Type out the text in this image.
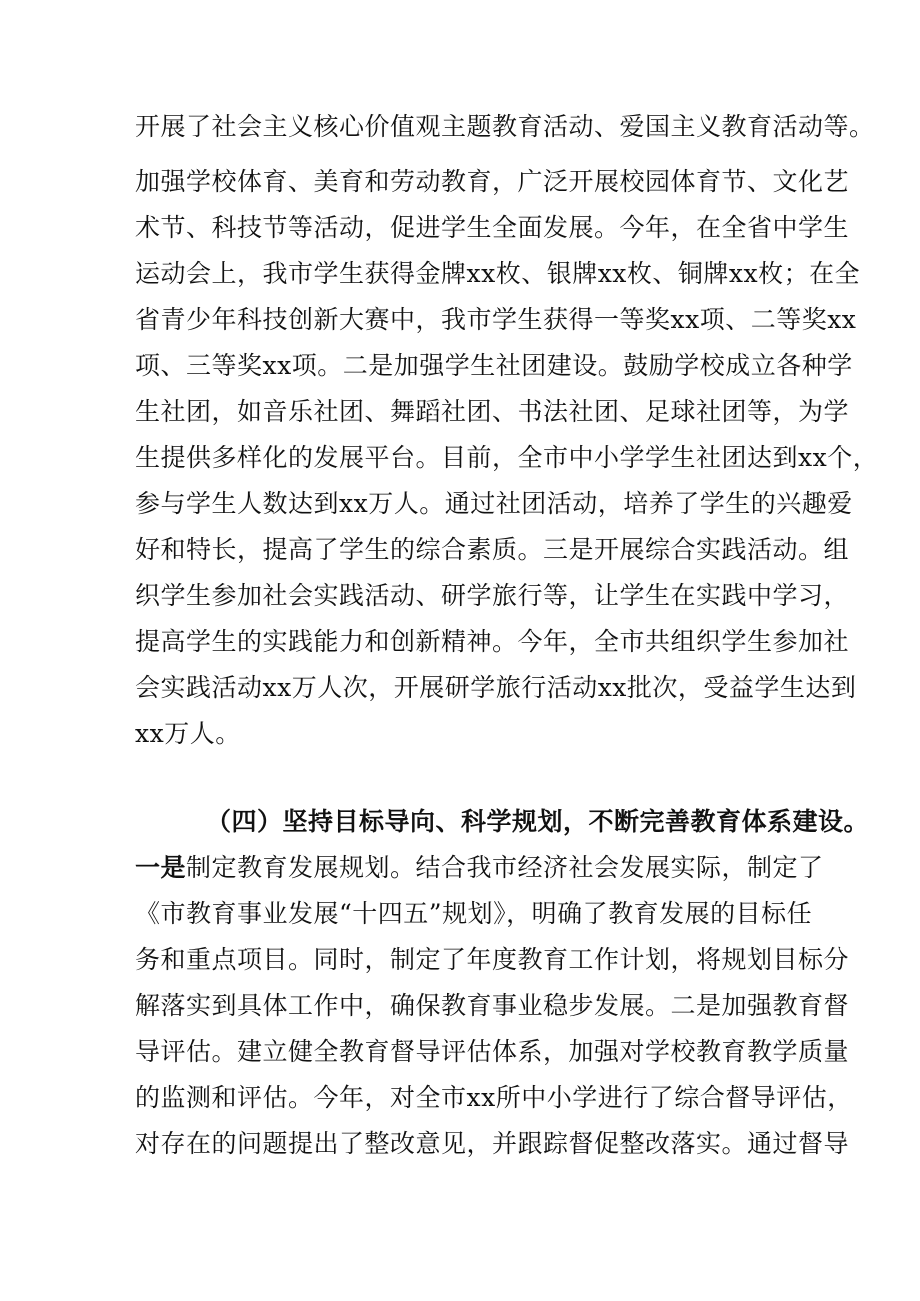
开展了社会主义核心价值观主题教育活动、爱国主义教育活动等。
加强学校体育、美育和劳动教育，广泛开展校园体育节、文化艺
术节、科技节等活动，促进学生全面发展。今年，在全省中学生
运动会上，我市学生获得金牌xx枚、银牌xx枚、铜牌xx枚；在全
省青少年科技创新大赛中，我市学生获得一等奖xx项、二等奖xx
项、三等奖xx项。二是加强学生社团建设。鼓励学校成立各种学
生社团，如音乐社团、舞蹈社团、书法社团、足球社团等，为学
生提供多样化的发展平台。目前，全市中小学学生社团达到xx个，
参与学生人数达到xx万人。通过社团活动，培养了学生的兴趣爱
好和特长，提高了学生的综合素质。三是开展综合实践活动。组
织学生参加社会实践活动、研学旅行等，让学生在实践中学习，
提高学生的实践能力和创新精神。今年，全市共组织学生参加社
会实践活动xx万人次，开展研学旅行活动xx批次，受益学生达到
xx万人。
（四）坚持目标导向、科学规划，不断完善教育体系建设。
一是制定教育发展规划。结合我市经济社会发展实际，制定了
《市教育事业发展“十四五”规划》，明确了教育发展的目标任
务和重点项目。同时，制定了年度教育工作计划，将规划目标分
解落实到具体工作中，确保教育事业稳步发展。二是加强教育督
导评估。建立健全教育督导评估体系，加强对学校教育教学质量
的监测和评估。今年，对全市xx所中小学进行了综合督导评估，
对存在的问题提出了整改意见，并跟踪督促整改落实。通过督导
